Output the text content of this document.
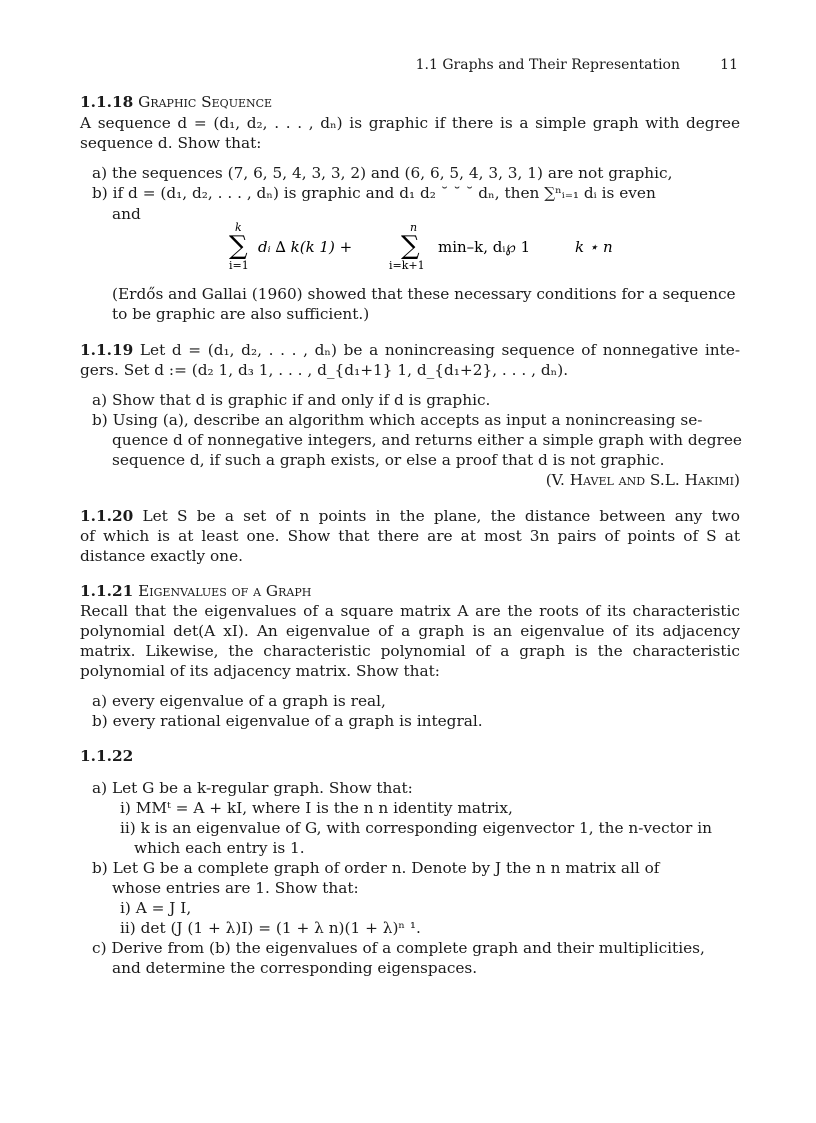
1.1 Graphs and Their Representation	11
1.1.18 Graphic Sequence
A sequence d = (d₁, d₂, . . . , dₙ) is graphic if there is a simple graph with degree
sequence d. Show that:
a) the sequences (7, 6, 5, 4, 3, 3, 2) and (6, 6, 5, 4, 3, 3, 1) are not graphic,
b) if d = (d₁, d₂, . . . , dₙ) is graphic and d₁ d₂ ˘ ˘ ˘ dₙ, then ∑ⁿᵢ₌₁ dᵢ is even
and
k
∑
i=1
dᵢ ∆ k(k 1) +
n
∑
i=k+1
min–k, dᵢ℘ 1	k ⋆ n
(Erdős and Gallai (1960) showed that these necessary conditions for a sequence
to be graphic are also sufficient.)
1.1.19 Let d = (d₁, d₂, . . . , dₙ) be a nonincreasing sequence of nonnegative inte-
gers. Set d := (d₂ 1, d₃ 1, . . . , d_{d₁+1} 1, d_{d₁+2}, . . . , dₙ).
a) Show that d is graphic if and only if d is graphic.
b) Using (a), describe an algorithm which accepts as input a nonincreasing se-
quence d of nonnegative integers, and returns either a simple graph with degree
sequence d, if such a graph exists, or else a proof that d is not graphic.
(V. Havel and S.L. Hakimi)
1.1.20 Let S be a set of n points in the plane, the distance between any two
of which is at least one. Show that there are at most 3n pairs of points of S at
distance exactly one.
1.1.21 Eigenvalues of a Graph
Recall that the eigenvalues of a square matrix A are the roots of its characteristic
polynomial det(A xI). An eigenvalue of a graph is an eigenvalue of its adjacency
matrix. Likewise, the characteristic polynomial of a graph is the characteristic
polynomial of its adjacency matrix. Show that:
a) every eigenvalue of a graph is real,
b) every rational eigenvalue of a graph is integral.
1.1.22
a) Let G be a k-regular graph. Show that:
i) MMᵗ = A + kI, where I is the n n identity matrix,
ii) k is an eigenvalue of G, with corresponding eigenvector 1, the n-vector in
which each entry is 1.
b) Let G be a complete graph of order n. Denote by J the n n matrix all of
whose entries are 1. Show that:
i) A = J I,
ii) det (J (1 + λ)I) = (1 + λ n)(1 + λ)ⁿ ¹.
c) Derive from (b) the eigenvalues of a complete graph and their multiplicities,
and determine the corresponding eigenspaces.
